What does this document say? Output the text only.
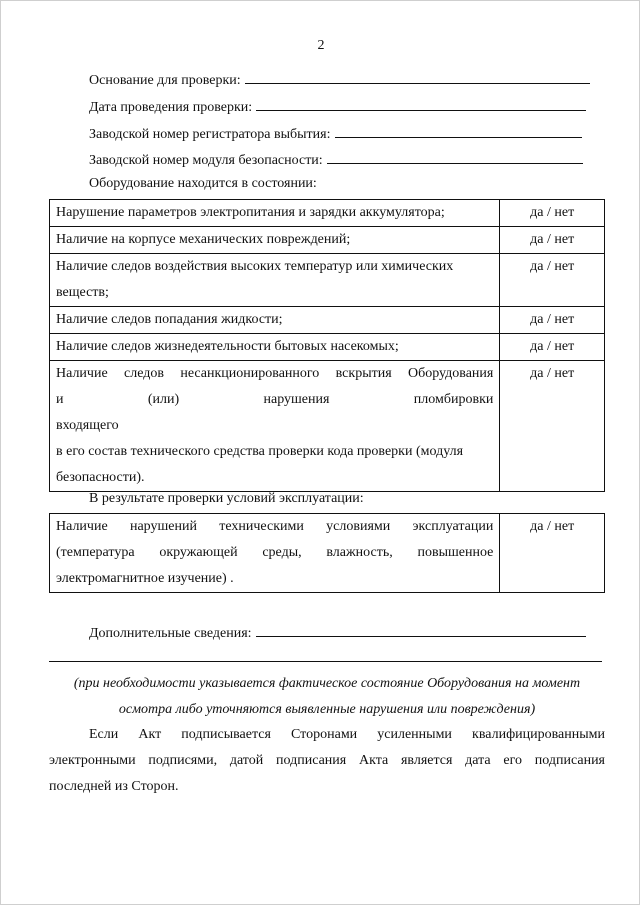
2
Основание для проверки:
Дата проведения проверки:
Заводской номер регистратора выбытия:
Заводской номер модуля безопасности:
Оборудование находится в состоянии:
Нарушение параметров электропитания и зарядки аккумулятора;	да / нет
Наличие на корпусе механических повреждений;	да / нет

Наличие следов воздействия высоких температур или химических
веществ;	да / нет
Наличие следов попадания жидкости;	да / нет
Наличие следов жизнедеятельности бытовых насекомых;	да / нет

Наличие следов несанкционированного вскрытия Оборудования
и (или) нарушения пломбировки входящего
в его состав технического средства проверки кода проверки (модуля
безопасности).	да / нет
В результате проверки условий эксплуатации:
Наличие нарушений техническими условиями эксплуатации
(температура окружающей среды, влажность, повышенное
электромагнитное изучение) .
	да / нет
Дополнительные сведения:
(при необходимости указывается фактическое состояние Оборудования на момент
осмотра либо уточняются выявленные нарушения или повреждения)
Если Акт подписывается Сторонами усиленными квалифицированными
электронными подписями, датой подписания Акта является дата его подписания
последней из Сторон.
